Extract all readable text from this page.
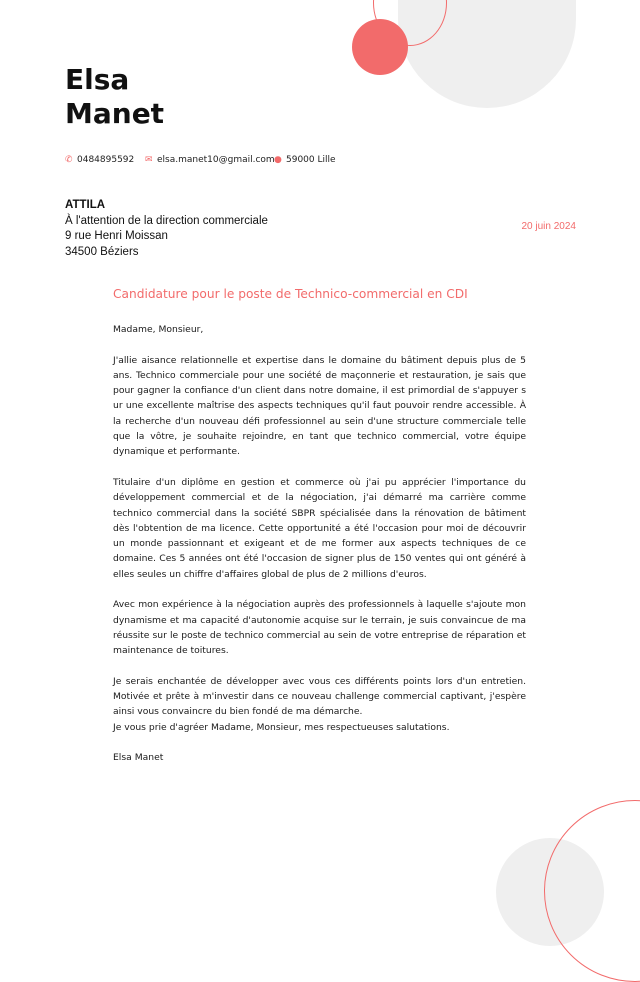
Elsa
Manet
✆ 0484895592 ✉ elsa.manet10@gmail.com ● 59000 Lille
ATTILA
À l'attention de la direction commerciale
9 rue Henri Moissan
34500 Béziers
20 juin 2024
Candidature pour le poste de Technico-commercial en CDI

Madame, Monsieur,

J'allie aisance relationnelle et expertise dans le domaine du bâtiment depuis plus de 5 ans. Technico commerciale pour une société de maçonnerie et restauration, je sais que pour gagner la confiance d'un client dans notre domaine, il est primordial de s'appuyer s ur une excellente maîtrise des aspects techniques qu'il faut pouvoir rendre accessible. À la recherche d'un nouveau défi professionnel au sein d'une structure commerciale telle que la vôtre, je souhaite rejoindre, en tant que technico commercial, votre équipe dynamique et performante.

Titulaire d'un diplôme en gestion et commerce où j'ai pu apprécier l'importance du développement commercial et de la négociation, j'ai démarré ma carrière comme technico commercial dans la société SBPR spécialisée dans la rénovation de bâtiment dès l'obtention de ma licence. Cette opportunité a été l'occasion pour moi de découvrir un monde passionnant et exigeant et de me former aux aspects techniques de ce domaine. Ces 5 années ont été l'occasion de signer plus de 150 ventes qui ont généré à elles seules un chiffre d'affaires global de plus de 2 millions d'euros.

Avec mon expérience à la négociation auprès des professionnels à laquelle s'ajoute mon dynamisme et ma capacité d'autonomie acquise sur le terrain, je suis convaincue de ma réussite sur le poste de technico commercial au sein de votre entreprise de réparation et maintenance de toitures.

Je serais enchantée de développer avec vous ces différents points lors d'un entretien. Motivée et prête à m'investir dans ce nouveau challenge commercial captivant, j'espère ainsi vous convaincre du bien fondé de ma démarche.

Je vous prie d'agréer Madame, Monsieur, mes respectueuses salutations.

Elsa Manet
